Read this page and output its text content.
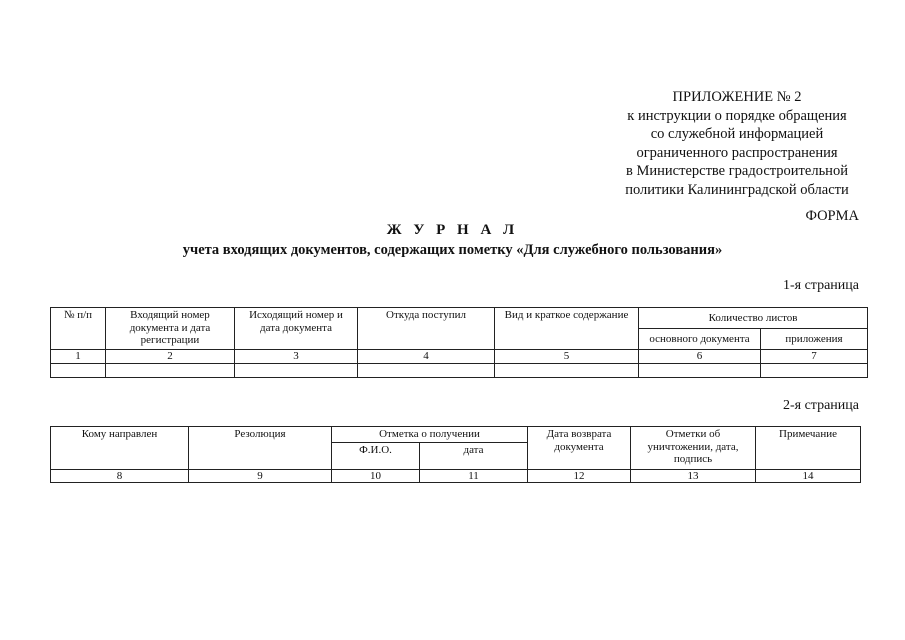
ПРИЛОЖЕНИЕ № 2
к инструкции о порядке обращения
со служебной информацией
ограниченного распространения
в Министерстве градостроительной
политики Калининградской области
ФОРМА
Ж У Р Н А Л
учета входящих документов, содержащих пометку «Для служебного пользования»
1-я страница
№ п/п	Входящий номер документа и дата регистрации	Исходящий номер и дата документа	Откуда поступил	Вид и краткое содержание	Количество листов	
					основного документа	приложения
1	2	3	4	5	6	7

2-я страница
Кому направлен	Резолюция	Отметка о получении		Дата возврата документа	Отметки об уничтожении, дата, подпись	Примечание
		Ф.И.О.	дата			
8	9	10	11	12	13	14
